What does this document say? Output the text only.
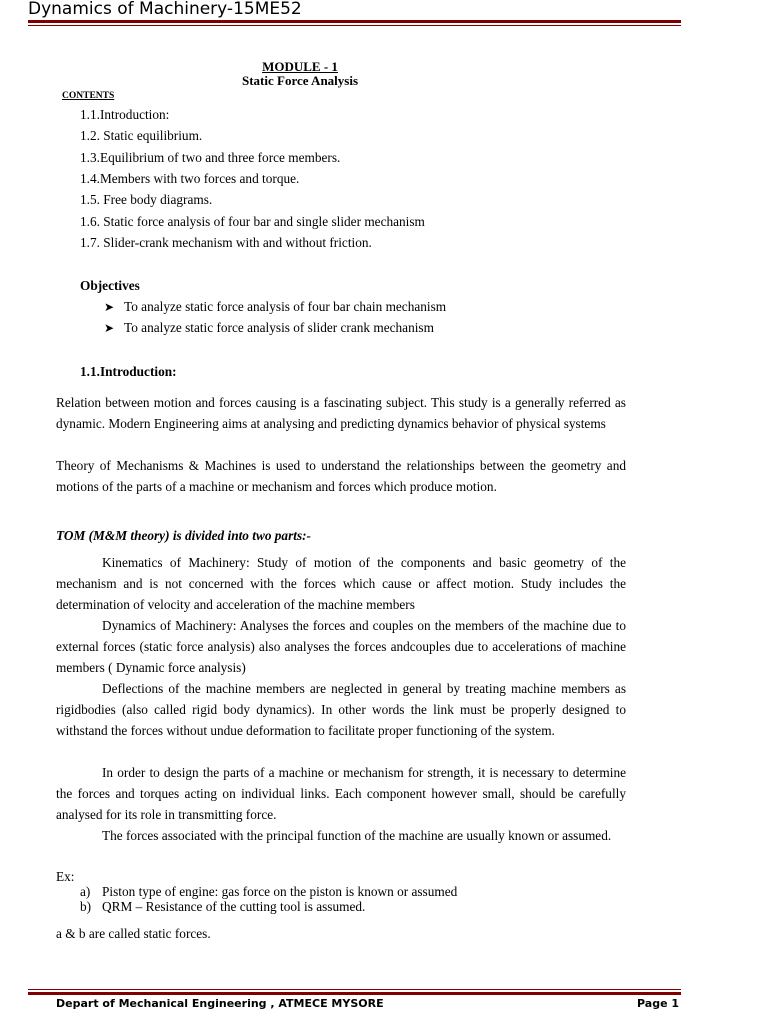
Dynamics of Machinery-15ME52
MODULE - 1
Static Force Analysis
CONTENTS
1.1.Introduction:
1.2. Static equilibrium.
1.3.Equilibrium of two and three force members.
1.4.Members with two forces and torque.
1.5. Free body diagrams.
1.6. Static force analysis of four bar and single slider mechanism
1.7. Slider-crank mechanism with and without friction.
Objectives
➤ To analyze static force analysis of four bar chain mechanism
➤ To analyze static force analysis of slider crank mechanism
1.1.Introduction:

Relation between motion and forces causing is a fascinating subject. This study is a generally referred as dynamic. Modern Engineering aims at analysing and predicting dynamics behavior of physical systems

Theory of Mechanisms & Machines is used to understand the relationships between the geometry and motions of the parts of a machine or mechanism and forces which produce motion.

TOM (M&M theory) is divided into two parts:-

Kinematics of Machinery: Study of motion of the components and basic geometry of the mechanism and is not concerned with the forces which cause or affect motion. Study includes the determination of velocity and acceleration of the machine members

Dynamics of Machinery: Analyses the forces and couples on the members of the machine due to external forces (static force analysis) also analyses the forces andcouples due to accelerations of machine members ( Dynamic force analysis)

Deflections of the machine members are neglected in general by treating machine members as rigidbodies (also called rigid body dynamics). In other words the link must be properly designed to withstand the forces without undue deformation to facilitate proper functioning of the system.

In order to design the parts of a machine or mechanism for strength, it is necessary to determine the forces and torques acting on individual links. Each component however small, should be carefully analysed for its role in transmitting force.

The forces associated with the principal function of the machine are usually known or assumed.

Ex:
a) Piston type of engine: gas force on the piston is known or assumed
b) QRM – Resistance of the cutting tool is assumed.
a & b are called static forces.
Depart of Mechanical Engineering , ATMECE MYSORE	Page 1
